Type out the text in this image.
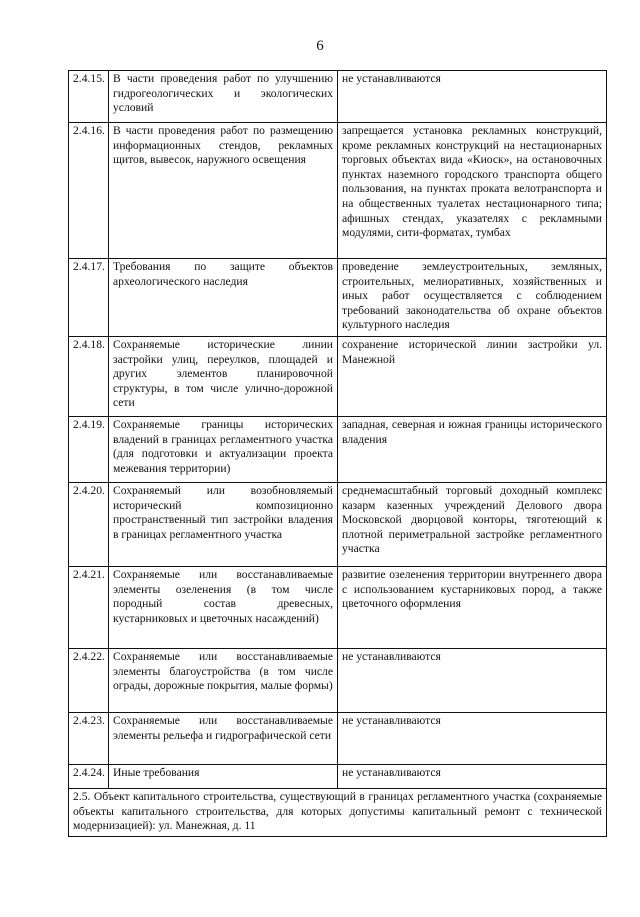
6
2.4.15.	В части проведения работ по улучшению гидрогеологических и экологических условий	не устанавливаются
2.4.16.	В части проведения работ по размещению информационных стендов, рекламных щитов, вывесок, наружного освещения	запрещается установка рекламных конструкций, кроме рекламных конструкций на нестационарных торговых объектах вида «Киоск», на остановочных пунктах наземного городского транспорта общего пользования, на пунктах проката велотранспорта и на общественных туалетах нестационарного типа; афишных стендах, указателях с рекламными модулями, сити-форматах, тумбах
2.4.17.	Требования по защите объектов археологического наследия	проведение землеустроительных, земляных, строительных, мелиоративных, хозяйственных и иных работ осуществляется с соблюдением требований законодательства об охране объектов культурного наследия
2.4.18.	Сохраняемые исторические линии застройки улиц, переулков, площадей и других элементов планировочной структуры, в том числе улично-дорожной сети	сохранение исторической линии застройки ул. Манежной
2.4.19.	Сохраняемые границы исторических владений в границах регламентного участка (для подготовки и актуализации проекта межевания территории)	западная, северная и южная границы исторического владения
2.4.20.	Сохраняемый или возобновляемый исторический композиционно пространственный тип застройки владения в границах регламентного участка	среднемасштабный торговый доходный комплекс казарм казенных учреждений Делового двора Московской дворцовой конторы, тяготеющий к плотной периметральной застройке регламентного участка
2.4.21.	Сохраняемые или восстанавливаемые элементы озеленения (в том числе породный состав древесных, кустарниковых и цветочных насаждений)	развитие озеленения территории внутреннего двора с использованием кустарниковых пород, а также цветочного оформления
2.4.22.	Сохраняемые или восстанавливаемые элементы благоустройства (в том числе ограды, дорожные покрытия, малые формы)	не устанавливаются
2.4.23.	Сохраняемые или восстанавливаемые элементы рельефа и гидрографической сети	не устанавливаются
2.4.24.	Иные требования	не устанавливаются
2.5. Объект капитального строительства, существующий в границах регламентного участка (сохраняемые объекты капитального строительства, для которых допустимы капитальный ремонт с технической модернизацией): ул. Манежная, д. 11		
